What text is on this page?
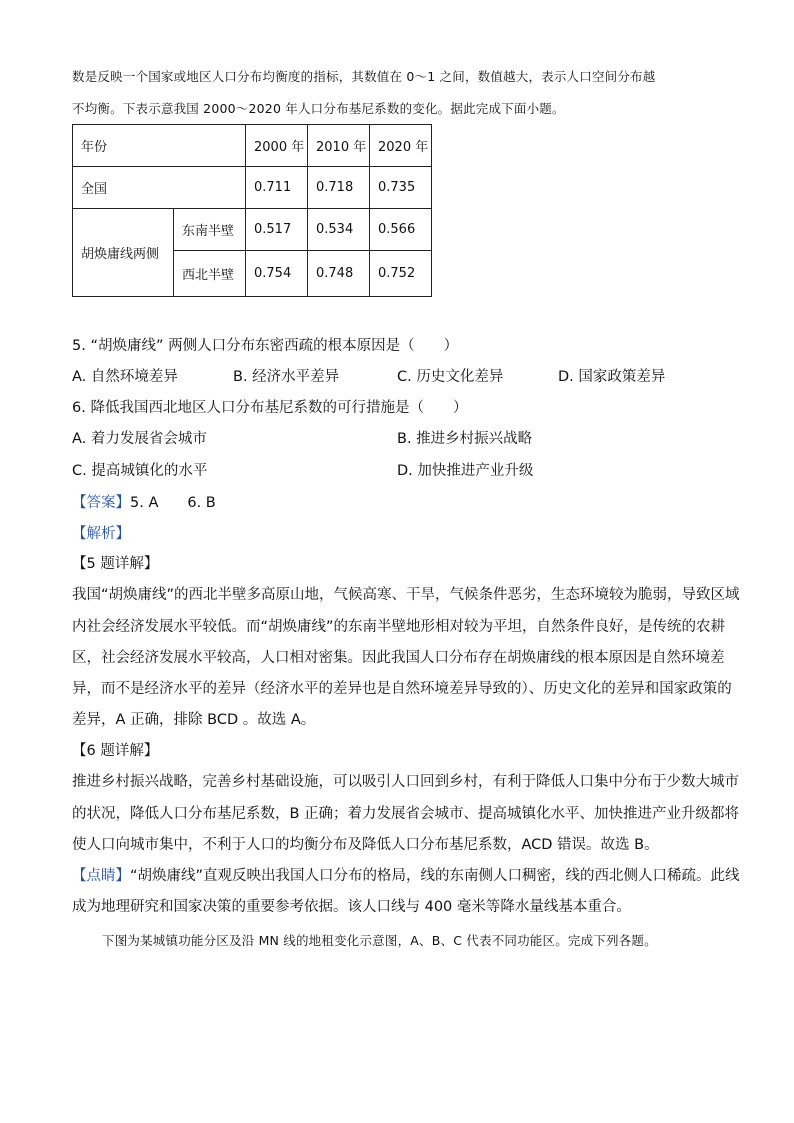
数是反映一个国家或地区人口分布均衡度的指标，其数值在 0～1 之间，数值越大，表示人口空间分布越
不均衡。下表示意我国 2000～2020 年人口分布基尼系数的变化。据此完成下面小题。
年份		2000 年	2010 年	2020 年
全国		0.711	0.718	0.735
胡焕庸线两侧	东南半壁	0.517	0.534	0.566
	西北半壁	0.754	0.748	0.752
5. “胡焕庸线” 两侧人口分布东密西疏的根本原因是（　　）
A. 自然环境差异	B. 经济水平差异	C. 历史文化差异	D. 国家政策差异
6. 降低我国西北地区人口分布基尼系数的可行措施是（　　）
A. 着力发展省会城市	B. 推进乡村振兴战略
C. 提高城镇化的水平	D. 加快推进产业升级
【答案】5. A　　6. B
【解析】
【5 题详解】
我国“胡焕庸线”的西北半壁多高原山地，气候高寒、干旱，气候条件恶劣，生态环境较为脆弱，导致区域
内社会经济发展水平较低。而“胡焕庸线”的东南半壁地形相对较为平坦，自然条件良好，是传统的农耕
区，社会经济发展水平较高，人口相对密集。因此我国人口分布存在胡焕庸线的根本原因是自然环境差
异，而不是经济水平的差异（经济水平的差异也是自然环境差异导致的）、历史文化的差异和国家政策的
差异，A 正确，排除 BCD 。故选 A。
【6 题详解】
推进乡村振兴战略，完善乡村基础设施，可以吸引人口回到乡村，有利于降低人口集中分布于少数大城市
的状况，降低人口分布基尼系数，B 正确；着力发展省会城市、提高城镇化水平、加快推进产业升级都将
使人口向城市集中，不利于人口的均衡分布及降低人口分布基尼系数，ACD 错误。故选 B。
【点睛】“胡焕庸线”直观反映出我国人口分布的格局，线的东南侧人口稠密，线的西北侧人口稀疏。此线
成为地理研究和国家决策的重要参考依据。该人口线与 400 毫米等降水量线基本重合。
下图为某城镇功能分区及沿 MN 线的地租变化示意图，A、B、C 代表不同功能区。完成下列各题。
